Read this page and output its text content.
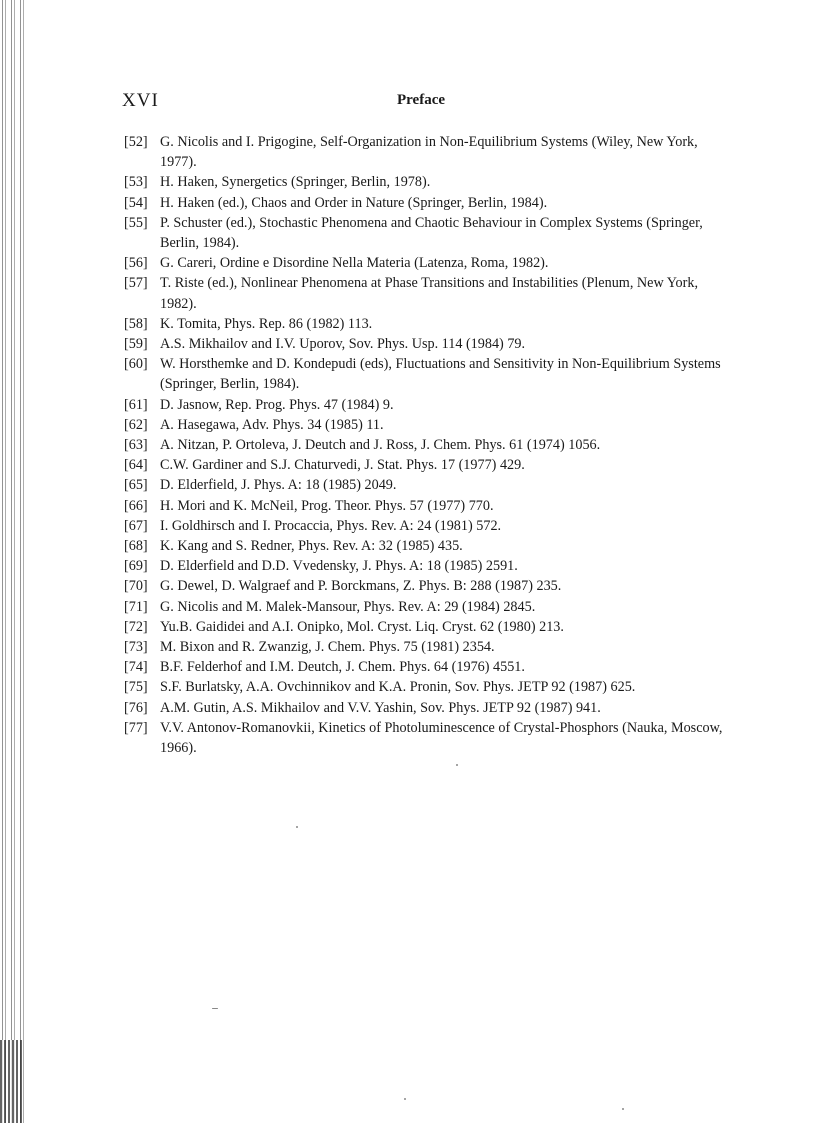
XVI	Preface
[52] G. Nicolis and I. Prigogine, Self-Organization in Non-Equilibrium Systems (Wiley, New York, 1977).
[53] H. Haken, Synergetics (Springer, Berlin, 1978).
[54] H. Haken (ed.), Chaos and Order in Nature (Springer, Berlin, 1984).
[55] P. Schuster (ed.), Stochastic Phenomena and Chaotic Behaviour in Complex Systems (Springer, Berlin, 1984).
[56] G. Careri, Ordine e Disordine Nella Materia (Latenza, Roma, 1982).
[57] T. Riste (ed.), Nonlinear Phenomena at Phase Transitions and Instabilities (Plenum, New York, 1982).
[58] K. Tomita, Phys. Rep. 86 (1982) 113.
[59] A.S. Mikhailov and I.V. Uporov, Sov. Phys. Usp. 114 (1984) 79.
[60] W. Horsthemke and D. Kondepudi (eds), Fluctuations and Sensitivity in Non-Equilibrium Systems (Springer, Berlin, 1984).
[61] D. Jasnow, Rep. Prog. Phys. 47 (1984) 9.
[62] A. Hasegawa, Adv. Phys. 34 (1985) 11.
[63] A. Nitzan, P. Ortoleva, J. Deutch and J. Ross, J. Chem. Phys. 61 (1974) 1056.
[64] C.W. Gardiner and S.J. Chaturvedi, J. Stat. Phys. 17 (1977) 429.
[65] D. Elderfield, J. Phys. A: 18 (1985) 2049.
[66] H. Mori and K. McNeil, Prog. Theor. Phys. 57 (1977) 770.
[67] I. Goldhirsch and I. Procaccia, Phys. Rev. A: 24 (1981) 572.
[68] K. Kang and S. Redner, Phys. Rev. A: 32 (1985) 435.
[69] D. Elderfield and D.D. Vvedensky, J. Phys. A: 18 (1985) 2591.
[70] G. Dewel, D. Walgraef and P. Borckmans, Z. Phys. B: 288 (1987) 235.
[71] G. Nicolis and M. Malek-Mansour, Phys. Rev. A: 29 (1984) 2845.
[72] Yu.B. Gaididei and A.I. Onipko, Mol. Cryst. Liq. Cryst. 62 (1980) 213.
[73] M. Bixon and R. Zwanzig, J. Chem. Phys. 75 (1981) 2354.
[74] B.F. Felderhof and I.M. Deutch, J. Chem. Phys. 64 (1976) 4551.
[75] S.F. Burlatsky, A.A. Ovchinnikov and K.A. Pronin, Sov. Phys. JETP 92 (1987) 625.
[76] A.M. Gutin, A.S. Mikhailov and V.V. Yashin, Sov. Phys. JETP 92 (1987) 941.
[77] V.V. Antonov-Romanovkii, Kinetics of Photoluminescence of Crystal-Phosphors (Nauka, Moscow, 1966).
